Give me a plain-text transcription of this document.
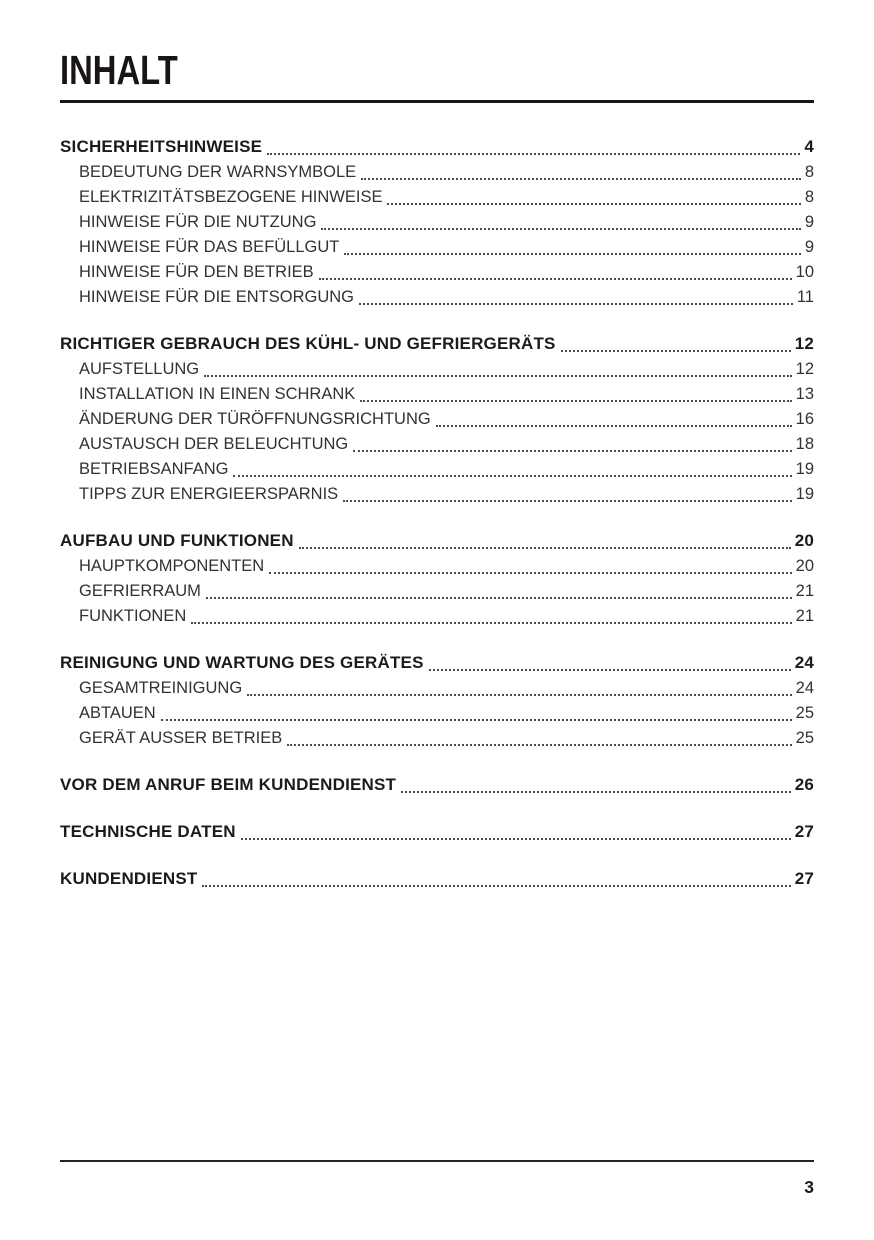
INHALT
SICHERHEITSHINWEISE	4
BEDEUTUNG DER WARNSYMBOLE	8
ELEKTRIZITÄTSBEZOGENE HINWEISE	8
HINWEISE FÜR DIE NUTZUNG	9
HINWEISE FÜR DAS BEFÜLLGUT	9
HINWEISE FÜR DEN BETRIEB	10
HINWEISE FÜR DIE ENTSORGUNG	11
RICHTIGER GEBRAUCH DES KÜHL- UND GEFRIERGERÄTS	12
AUFSTELLUNG	12
INSTALLATION IN EINEN SCHRANK	13
ÄNDERUNG DER TÜRÖFFNUNGSRICHTUNG	16
AUSTAUSCH DER BELEUCHTUNG	18
BETRIEBSANFANG	19
TIPPS ZUR ENERGIEERSPARNIS	19
AUFBAU UND FUNKTIONEN	20
HAUPTKOMPONENTEN	20
GEFRIERRAUM	21
FUNKTIONEN	21
REINIGUNG UND WARTUNG DES GERÄTES	24
GESAMTREINIGUNG	24
ABTAUEN	25
GERÄT AUSSER BETRIEB	25
VOR DEM ANRUF BEIM KUNDENDIENST	26
TECHNISCHE DATEN	27
KUNDENDIENST	27
3
